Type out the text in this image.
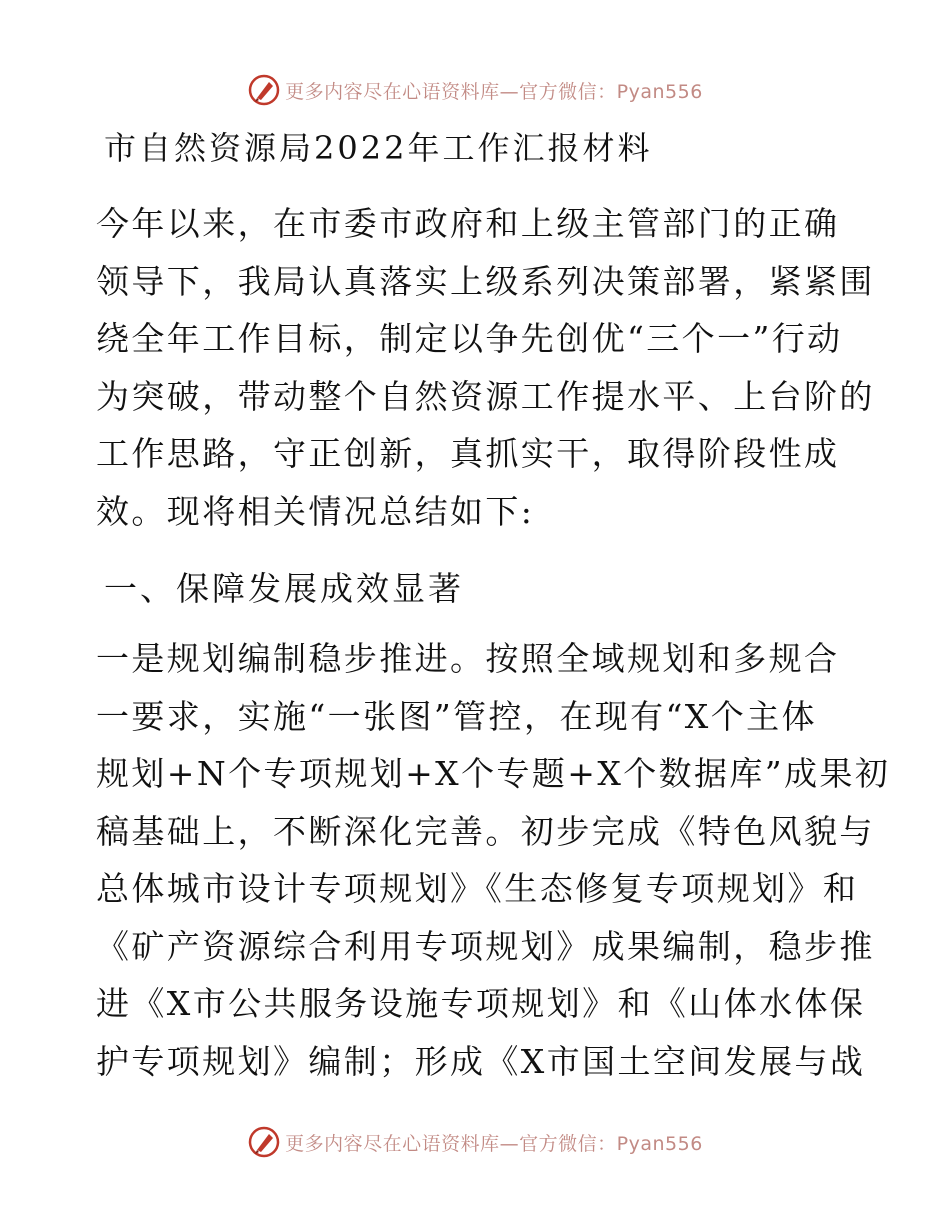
更多内容尽在心语资料库—官方微信：Pyan556
市自然资源局2022年工作汇报材料
今年以来，在市委市政府和上级主管部门的正确
领导下，我局认真落实上级系列决策部署，紧紧围
绕全年工作目标，制定以争先创优“三个一”行动
为突破，带动整个自然资源工作提水平、上台阶的
工作思路，守正创新，真抓实干，取得阶段性成
效。现将相关情况总结如下:
一、保障发展成效显著
一是规划编制稳步推进。按照全域规划和多规合
一要求，实施“一张图”管控，在现有“X个主体
规划+N个专项规划+X个专题+X个数据库”成果初
稿基础上，不断深化完善。初步完成《特色风貌与
总体城市设计专项规划》《生态修复专项规划》和
《矿产资源综合利用专项规划》成果编制，稳步推
进《X市公共服务设施专项规划》和《山体水体保
护专项规划》编制；形成《X市国土空间发展与战
更多内容尽在心语资料库—官方微信：Pyan556
